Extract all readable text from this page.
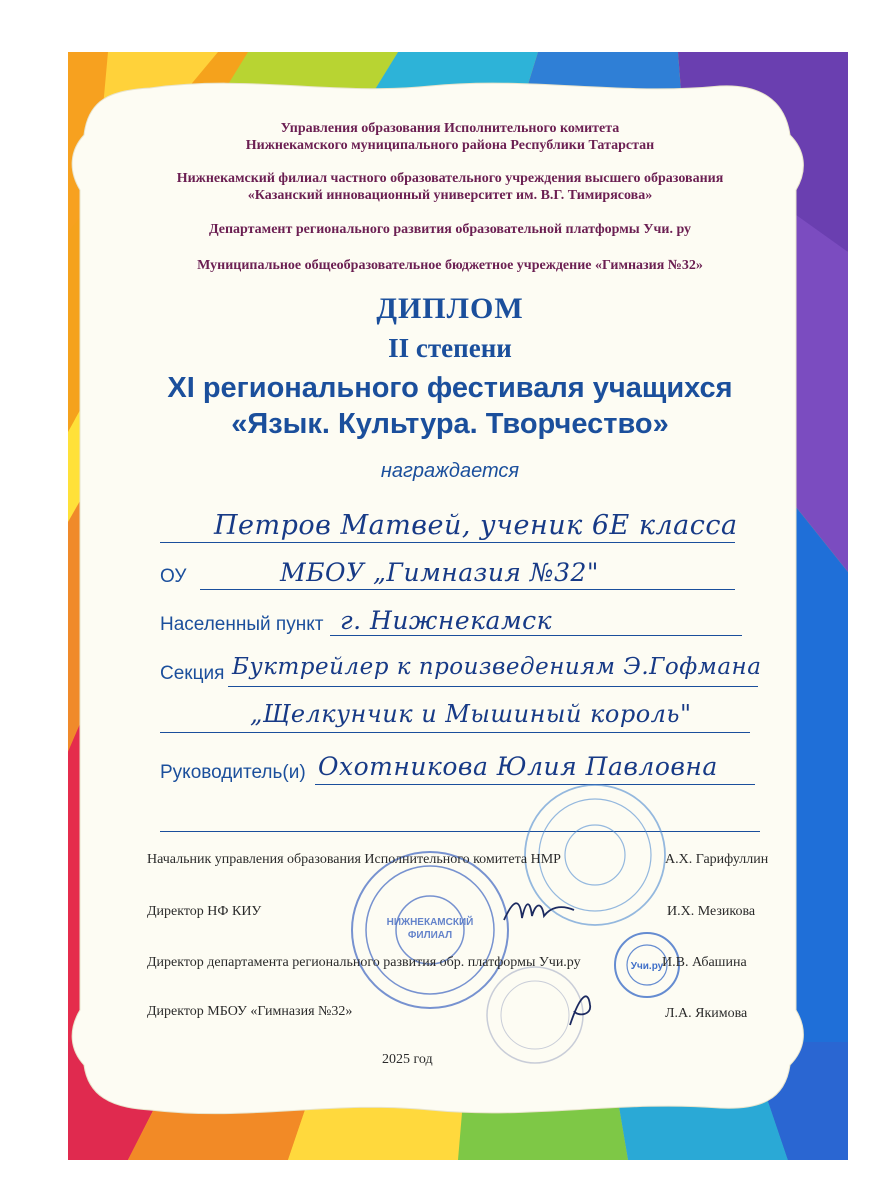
Управления образования Исполнительного комитета
Нижнекамского муниципального района Республики Татарстан
Нижнекамский филиал частного образовательного учреждения высшего образования
«Казанский инновационный университет им. В.Г. Тимирясова»
Департамент регионального развития образовательной платформы Учи. ру
Муниципальное общеобразовательное бюджетное учреждение «Гимназия №32»
ДИПЛОМ
II степени
XI регионального фестиваля учащихся
«Язык. Культура. Творчество»
награждается
Петров Матвей, ученик 6Е класса
ОУ	МБОУ „Гимназия №32"
Населенный пункт г. Нижнекамск
Секция Буктрейлер к произведениям Э.Гофмана
„Щелкунчик и Мышиный король"
Руководитель(и) Охотникова Юлия Павловна
НИЖНЕКАМСКИЙ
ФИЛИАЛ
Учи.ру
Начальник управления образования Исполнительного комитета НМР	А.Х. Гарифуллин
Директор НФ КИУ	И.Х. Мезикова
Директор департамента регионального развития обр. платформы Учи.ру	И.В. Абашина
Директор МБОУ «Гимназия №32»	Л.А. Якимова
2025 год
